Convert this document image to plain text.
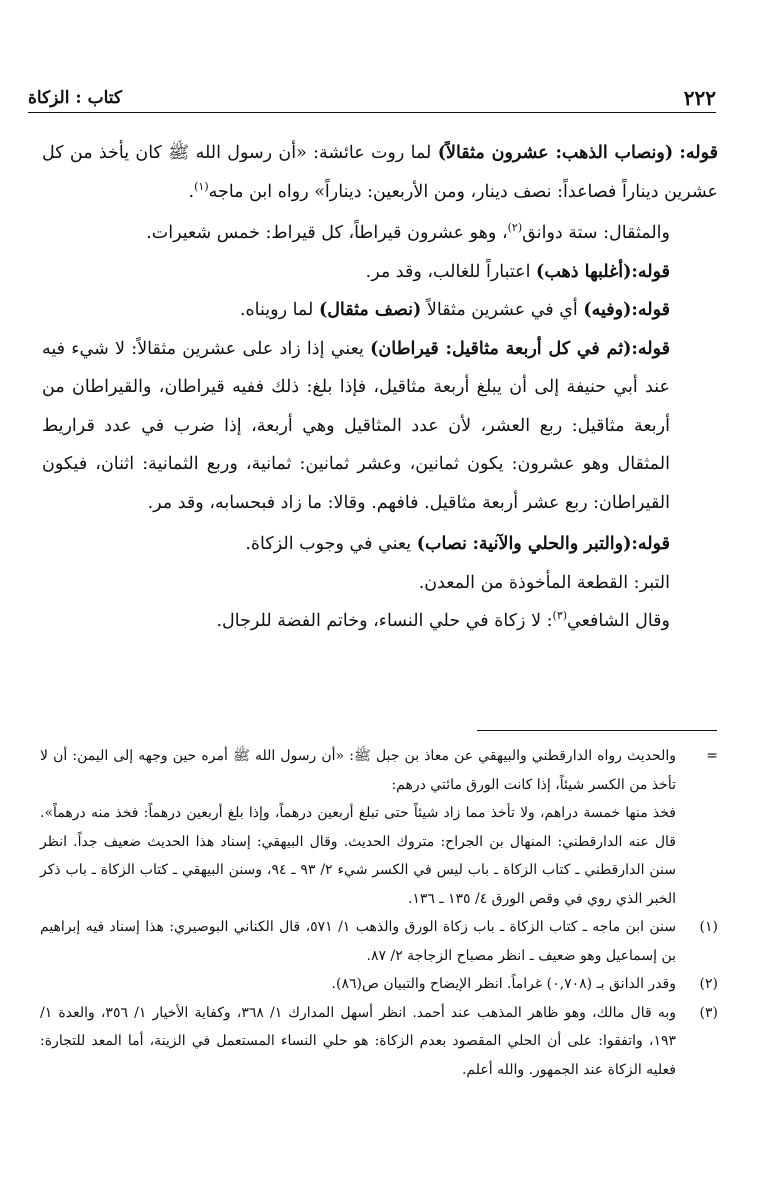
٢٢٢
كتاب : الزكاة

قوله: (ونصاب الذهب: عشرون مثقالاً) لما روت عائشة: «أن رسول الله ﷺ كان يأخذ من كل عشرين ديناراً فصاعداً: نصف دينار، ومن الأربعين: ديناراً» رواه ابن ماجه$^{(١)}$.

والمثقال: ستة دوانق$^{(٢)}$، وهو عشرون قيراطاً، كل قيراط: خمس شعيرات.

قوله:(أغلبها ذهب) اعتباراً للغالب، وقد مر.

قوله:(وفيه) أي في عشرين مثقالاً (نصف مثقال) لما رويناه.

قوله:(ثم في كل أربعة مثاقيل: قيراطان) يعني إذا زاد على عشرين مثقالاً: لا شيء فيه عند أبي حنيفة إلى أن يبلغ أربعة مثاقيل، فإذا بلغ: ذلك ففيه قيراطان، والقيراطان من أربعة مثاقيل: ربع العشر، لأن عدد المثاقيل وهي أربعة، إذا ضرب في عدد قراريط المثقال وهو عشرون: يكون ثمانين، وعشر ثمانين: ثمانية، وربع الثمانية: اثنان، فيكون القيراطان: ربع عشر أربعة مثاقيل. فافهم. وقالا: ما زاد فبحسابه، وقد مر.

قوله:(والتبر والحلي والآنية: نصاب) يعني في وجوب الزكاة.

التبر: القطعة المأخوذة من المعدن.

وقال الشافعي$^{(٣)}$: لا زكاة في حلي النساء، وخاتم الفضة للرجال.

=

والحديث رواه الدارقطني والبيهقي عن معاذ بن جبل ﷺ: «أن رسول الله ﷺ أمره حين وجهه إلى اليمن: أن لا تأخذ من الكسر شيئاً، إذا كانت الورق مائتي درهم:

فخذ منها خمسة دراهم، ولا تأخذ مما زاد شيئاً حتى تبلغ أربعين درهماً، وإذا بلغ أربعين درهماً: فخذ منه درهماً». قال عنه الدارقطني: المنهال بن الجراح: متروك الحديث. وقال البيهقي: إسناد هذا الحديث ضعيف جداً. انظر سنن الدارقطني ـ كتاب الزكاة ـ باب ليس في الكسر شيء ٢/ ٩٣ ـ ٩٤، وسنن البيهقي ـ كتاب الزكاة ـ باب ذكر الخبر الذي روي في وقص الورق ٤/ ١٣٥ ـ ١٣٦.

(١)
سنن ابن ماجه ـ كتاب الزكاة ـ باب زكاة الورق والذهب ١/ ٥٧١، قال الكناني البوصيري: هذا إسناد فيه إبراهيم بن إسماعيل وهو ضعيف ـ انظر مصباح الزجاجة ٢/ ٨٧.
(٢)
وقدر الدانق بـ (٠,٧٠٨) غراماً. انظر الإيضاح والتبيان ص(٨٦).
(٣)
وبه قال مالك، وهو ظاهر المذهب عند أحمد. انظر أسهل المدارك ١/ ٣٦٨، وكفاية الأخيار ١/ ٣٥٦، والعدة ١/ ١٩٣، واتفقوا: على أن الحلي المقصود بعدم الزكاة: هو حلي النساء المستعمل في الزينة، أما المعد للتجارة: فعليه الزكاة عند الجمهور. والله أعلم.
